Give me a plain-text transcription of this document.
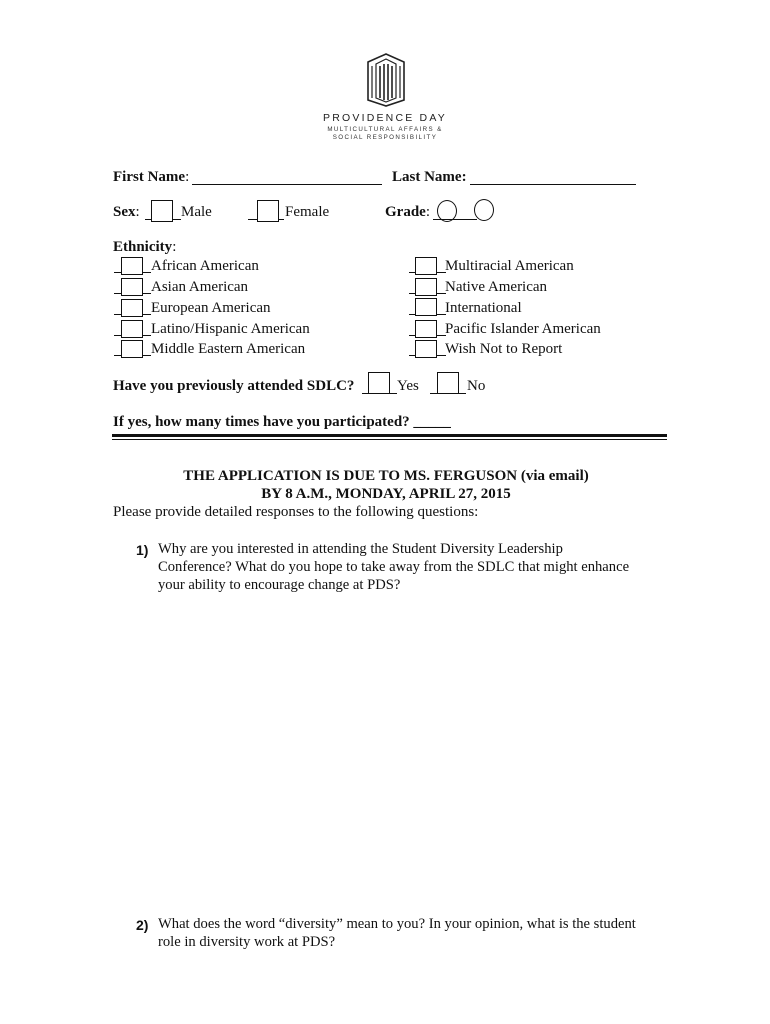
PROVIDENCE DAY
MULTICULTURAL AFFAIRS &
SOCIAL RESPONSIBILITY
First Name:	Last Name:
Sex:	Male	Female	Grade:
Ethnicity:
African American
Asian American
European American
Latino/Hispanic American
Middle Eastern American
Multiracial American
Native American
International
Pacific Islander American
Wish Not to Report
Have you previously attended SDLC?	Yes	No
If yes, how many times have you participated? _____
THE APPLICATION IS DUE TO MS. FERGUSON (via email)
BY 8 A.M., MONDAY, APRIL 27, 2015
Please provide detailed responses to the following questions:
1) Why are you interested in attending the Student Diversity Leadership
Conference? What do you hope to take away from the SDLC that might enhance
your ability to encourage change at PDS?
2) What does the word “diversity” mean to you? In your opinion, what is the student
role in diversity work at PDS?
